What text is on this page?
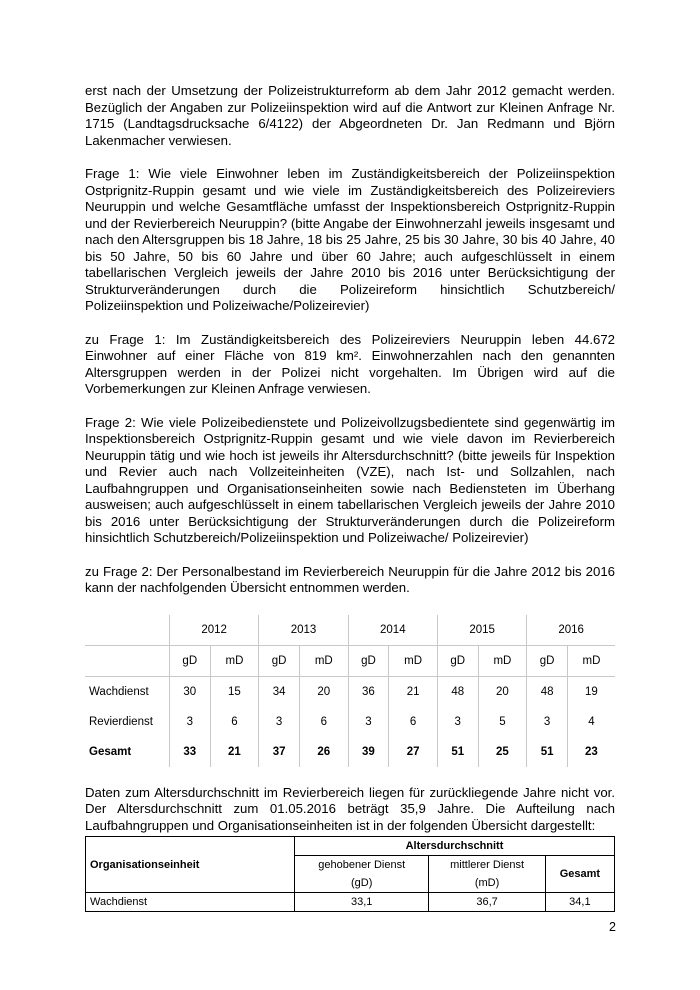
erst nach der Umsetzung der Polizeistrukturreform ab dem Jahr 2012 gemacht werden. Bezüglich der Angaben zur Polizeiinspektion wird auf die Antwort zur Kleinen Anfrage Nr. 1715 (Landtagsdrucksache 6/4122) der Abgeordneten Dr. Jan Redmann und Björn Lakenmacher verwiesen.

Frage 1: Wie viele Einwohner leben im Zuständigkeitsbereich der Polizeiinspektion Ostprignitz-Ruppin gesamt und wie viele im Zuständigkeitsbereich des Polizeireviers Neuruppin und welche Gesamtfläche umfasst der Inspektionsbereich Ostprignitz-Ruppin und der Revierbereich Neuruppin? (bitte Angabe der Einwohnerzahl jeweils insgesamt und nach den Altersgruppen bis 18 Jahre, 18 bis 25 Jahre, 25 bis 30 Jahre, 30 bis 40 Jahre, 40 bis 50 Jahre, 50 bis 60 Jahre und über 60 Jahre; auch aufgeschlüsselt in einem tabellarischen Vergleich jeweils der Jahre 2010 bis 2016 unter Berücksichtigung der Strukturveränderungen durch die Polizeireform hinsichtlich Schutzbereich/ Polizeiinspektion und Polizeiwache/Polizeirevier)

zu Frage 1: Im Zuständigkeitsbereich des Polizeireviers Neuruppin leben 44.672 Einwohner auf einer Fläche von 819 km². Einwohnerzahlen nach den genannten Altersgruppen werden in der Polizei nicht vorgehalten. Im Übrigen wird auf die Vorbemerkungen zur Kleinen Anfrage verwiesen.

Frage 2: Wie viele Polizeibedienstete und Polizeivollzugsbedientete sind gegenwärtig im Inspektionsbereich Ostprignitz-Ruppin gesamt und wie viele davon im Revierbereich Neuruppin tätig und wie hoch ist jeweils ihr Altersdurchschnitt? (bitte jeweils für Inspektion und Revier auch nach Vollzeiteinheiten (VZE), nach Ist- und Sollzahlen, nach Laufbahngruppen und Organisationseinheiten sowie nach Bediensteten im Überhang ausweisen; auch aufgeschlüsselt in einem tabellarischen Vergleich jeweils der Jahre 2010 bis 2016 unter Berücksichtigung der Strukturveränderungen durch die Polizeireform hinsichtlich Schutzbereich/Polizeiinspektion und Polizeiwache/ Polizeirevier)

zu Frage 2: Der Personalbestand im Revierbereich Neuruppin für die Jahre 2012 bis 2016 kann der nachfolgenden Übersicht entnommen werden.

	2012		2013		2014		2015		2016	
	gD	mD	gD	mD	gD	mD	gD	mD	gD	mD
Wachdienst	30	15	34	20	36	21	48	20	48	19
Revierdienst	3	6	3	6	3	6	3	5	3	4
Gesamt	33	21	37	26	39	27	51	25	51	23

Daten zum Altersdurchschnitt im Revierbereich liegen für zurückliegende Jahre nicht vor. Der Altersdurchschnitt zum 01.05.2016 beträgt 35,9 Jahre. Die Aufteilung nach Laufbahngruppen und Organisationseinheiten ist in der folgenden Übersicht dargestellt:

Organisationseinheit	Altersdurchschnitt		
	gehobener Dienst	mittlerer Dienst	Gesamt
	(gD)	(mD)	
Wachdienst	33,1	36,7	34,1
2
